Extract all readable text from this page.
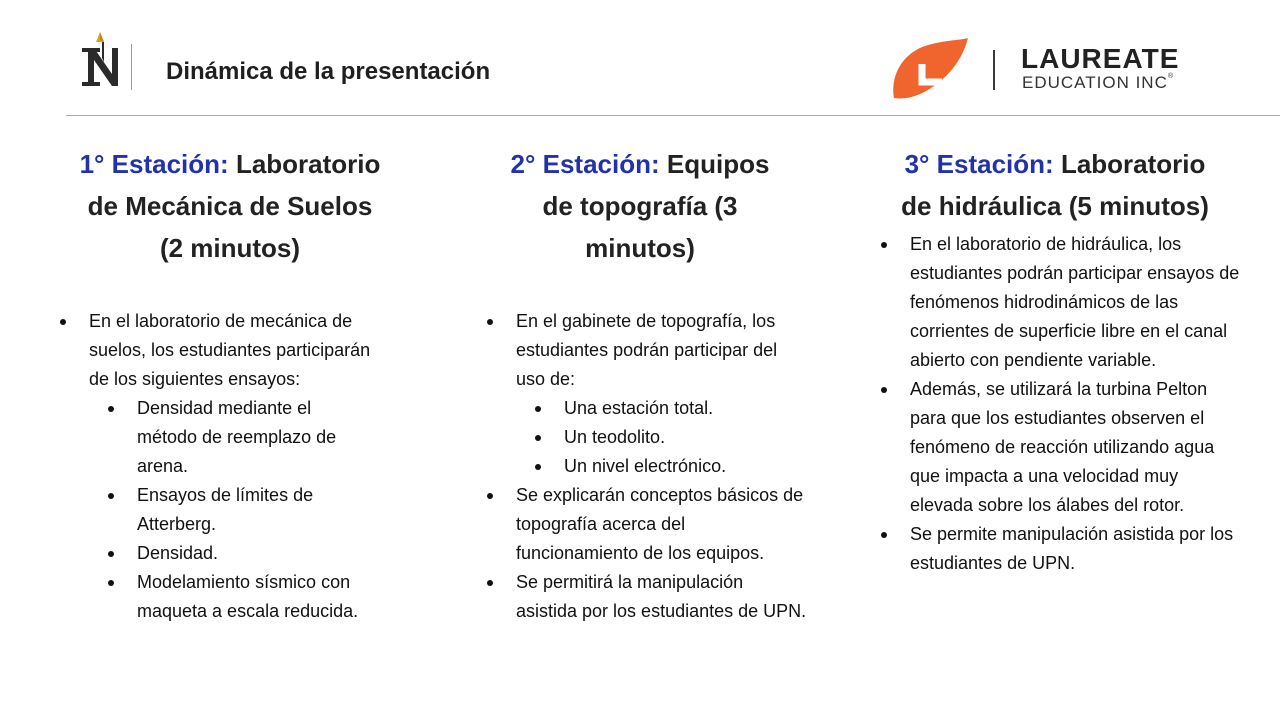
Dinámica de la presentación	LAUREATE
EDUCATION INC®
1° Estación: Laboratorio
de Mecánica de Suelos
(2 minutos)
En el laboratorio de mecánica de suelos, los estudiantes participarán de los siguientes ensayos:
Densidad mediante el método de reemplazo de arena.
Ensayos de límites de Atterberg.
Densidad.
Modelamiento sísmico con maqueta a escala reducida.
2° Estación: Equipos
de topografía (3
minutos)
En el gabinete de topografía, los estudiantes podrán participar del uso de:
Una estación total.
Un teodolito.
Un nivel electrónico.
Se explicarán conceptos básicos de topografía acerca del funcionamiento de los equipos.
Se permitirá la manipulación asistida por los estudiantes de UPN.
3° Estación: Laboratorio
de hidráulica (5 minutos)
En el laboratorio de hidráulica, los estudiantes podrán participar ensayos de fenómenos hidrodinámicos de las corrientes de superficie libre en el canal abierto con pendiente variable.
Además, se utilizará la turbina Pelton para que los estudiantes observen el fenómeno de reacción utilizando agua que impacta a una velocidad muy elevada sobre los álabes del rotor.
Se permite manipulación asistida por los estudiantes de UPN.
